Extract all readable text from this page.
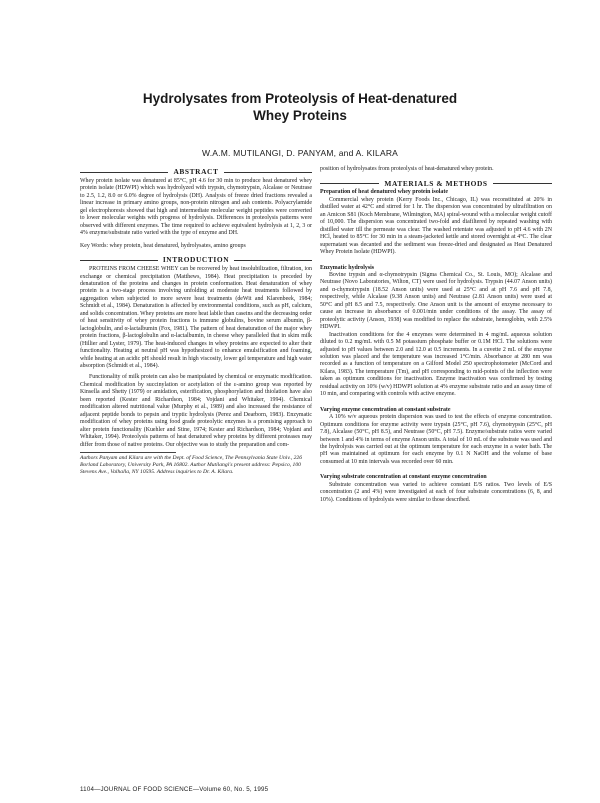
Hydrolysates from Proteolysis of Heat-denatured
Whey Proteins
W.A.M. MUTILANGI, D. PANYAM, and A. KILARA
ABSTRACT

Whey protein isolate was denatured at 85°C, pH 4.6 for 30 min to produce heat denatured whey protein isolate (HDWPI) which was hydrolyzed with trypsin, chymotrypsin, Alcalase or Neutrase to 2.5, 1.2, 8.0 or 6.0% degree of hydrolysis (DH). Analysis of freeze dried fractions revealed a linear increase in primary amino groups, non-protein nitrogen and ash contents. Polyacrylamide gel electrophoresis showed that high and intermediate molecular weight peptides were converted to lower molecular weights with progress of hydrolysis. Differences in proteolysis patterns were observed with different enzymes. The time required to achieve equivalent hydrolysis at 1, 2, 3 or 4% enzyme/substrate ratio varied with the type of enzyme and DH.

Key Words: whey protein, heat denatured, hydrolysates, amino groups

INTRODUCTION

PROTEINS FROM CHEESE WHEY can be recovered by heat insolubilization, filtration, ion exchange or chemical precipitation (Matthews, 1984). Heat precipitation is preceded by denaturation of the proteins and changes in protein conformation. Heat denaturation of whey protein is a two-stage process involving unfolding at moderate heat treatments followed by aggregation when subjected to more severe heat treatments (deWit and Klarenbeek, 1984; Schmidt et al., 1984). Denaturation is affected by environmental conditions, such as pH, calcium, and solids concentration. Whey proteins are more heat labile than caseins and the decreasing order of heat sensitivity of whey protein fractions is immune globulins, bovine serum albumin, β-lactoglobulin, and α-lactalbumin (Fox, 1981). The pattern of heat denaturation of the major whey protein fractions, β-lactoglobulin and α-lactalbumin, in cheese whey paralleled that in skim milk (Hillier and Lyster, 1979). The heat-induced changes in whey proteins are expected to alter their functionality. Heating at neutral pH was hypothesized to enhance emulsification and foaming, while heating at an acidic pH should result in high viscosity, lower gel temperature and high water absorption (Schmidt et al., 1984).

Functionality of milk protein can also be manipulated by chemical or enzymatic modification. Chemical modification by succinylation or acetylation of the ε-amino group was reported by Kinsella and Shetty (1979) or amidation, esterification, phosphorylation and thiolation have also been reported (Kester and Richardson, 1984; Vojdani and Whitaker, 1994). Chemical modification altered nutritional value (Murphy et al., 1989) and also increased the resistance of adjacent peptide bonds to pepsin and tryptic hydrolysis (Perez and Dearborn, 1983). Enzymatic modification of whey proteins using food grade proteolytic enzymes is a promising approach to alter protein functionality (Kuehler and Stine, 1974; Kester and Richardson, 1984; Vojdani and Whitaker, 1994). Proteolysis patterns of heat denatured whey proteins by different proteases may differ from those of native proteins. Our objective was to study the preparation and com-

Authors Panyam and Kilara are with the Dept. of Food Science, The Pennsylvania State Univ., 226 Borland Laboratory, University Park, PA 16802. Author Mutilangi's present address: Pepsico, 100 Stevens Ave., Valhalla, NY 10595. Address inquiries to Dr. A. Kilara.

position of hydrolysates from proteolysis of heat-denatured whey protein.

MATERIALS & METHODS

Preparation of heat denatured whey protein isolate

Commercial whey protein (Kerry Foods Inc., Chicago, IL) was reconstituted at 20% in distilled water at 42°C and stirred for 1 hr. The dispersion was concentrated by ultrafiltration on an Amicon S81 (Koch Membrane, Wilmington, MA) spiral-wound with a molecular weight cutoff of 10,000. The dispersion was concentrated two-fold and diafiltered by repeated washing with distilled water till the permeate was clear. The washed retentate was adjusted to pH 4.6 with 2N HCl, heated to 85°C for 30 min in a steam-jacketed kettle and stored overnight at 4°C. The clear supernatant was decanted and the sediment was freeze-dried and designated as Heat Denatured Whey Protein Isolate (HDWPI).

Enzymatic hydrolysis

Bovine trypsin and α-chymotrypsin (Sigma Chemical Co., St. Louis, MO); Alcalase and Neutrase (Novo Laboratories, Wilton, CT) were used for hydrolysis. Trypsin (44.07 Anson units) and α-chymotrypsin (18.52 Anson units) were used at 25°C and at pH 7.6 and pH 7.8, respectively, while Alcalase (9.38 Anson units) and Neutrase (2.81 Anson units) were used at 50°C and pH 8.5 and 7.5, respectively. One Anson unit is the amount of enzyme necessary to cause an increase in absorbance of 0.001/min under conditions of the assay. The assay of proteolytic activity (Anson, 1938) was modified to replace the substrate, hemoglobin, with 2.5% HDWPI.

Inactivation conditions for the 4 enzymes were determined in 4 mg/mL aqueous solution diluted to 0.2 mg/mL with 0.5 M potassium phosphate buffer or 0.1M HCl. The solutions were adjusted to pH values between 2.0 and 12.0 at 0.5 increments. In a cuvette 2 mL of the enzyme solution was placed and the temperature was increased 1°C/min. Absorbance at 280 nm was recorded as a function of temperature on a Gilford Model 250 spectrophotometer (McCord and Kilara, 1983). The temperature (Tm), and pH corresponding to mid-points of the inflection were taken as optimum conditions for inactivation. Enzyme inactivation was confirmed by testing residual activity on 10% (w/v) HDWPI solution at 4% enzyme substrate ratio and an assay time of 10 min, and comparing with controls with active enzyme.

Varying enzyme concentration at constant substrate

A 10% w/v aqueous protein dispersion was used to test the effects of enzyme concentration. Optimum conditions for enzyme activity were trypsin (25°C, pH 7.6), chymotrypsin (25°C, pH 7.8), Alcalase (50°C, pH 8.5), and Neutrase (50°C, pH 7.5). Enzyme/substrate ratios were varied between 1 and 4% in terms of enzyme Anson units. A total of 10 mL of the substrate was used and the hydrolysis was carried out at the optimum temperature for each enzyme in a water bath. The pH was maintained at optimum for each enzyme by 0.1 N NaOH and the volume of base consumed at 10 min intervals was recorded over 60 min.

Varying substrate concentration at constant enzyme concentration

Substrate concentration was varied to achieve constant E/S ratios. Two levels of E/S concentration (2 and 4%) were investigated at each of four substrate concentrations (6, 8, and 10%). Conditions of hydrolysis were similar to those described.

1104—JOURNAL OF FOOD SCIENCE—Volume 60, No. 5, 1995
